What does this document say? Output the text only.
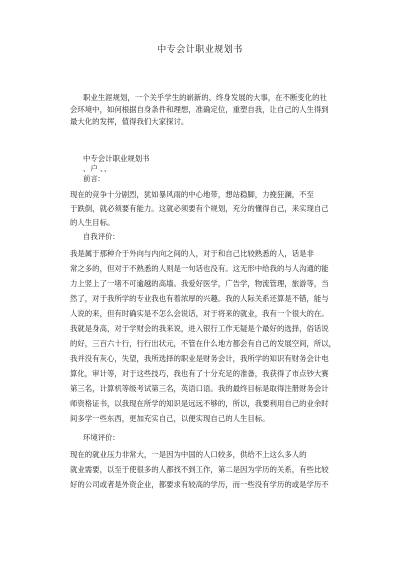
中专会计职业规划书
职业生涯规划，一个关乎学生的崭新的、终身发展的大事，在不断变化的社
会环境中，如何根据自身条件和理想，准确定位，重塑自我，让自己的人生得到
最大化的发挥，值得我们大家探讨。
中专会计职业规划书
、户 、、
前言:
现在的竞争十分剧烈，犹如暴风雨的中心地带，想站稳脚，力挽狂澜，不至
于跌倒，就必须要有能力。这就必须要有个规划，充分的懂得自己，来实现自己
的人生目标。
自我评价:
我是属于那种介于外向与内向之间的人，对于和自己比较熟悉的人，话是非
常之多的，但对于不熟悉的人则是一句话也没有。这无形中给我的与人沟通的能
力上竖上了一堵不可逾越的高墙。我爱好医学，广告学，物流管理，旅游等，当
然了，对于我所学的专业我也有着浓厚的兴趣。我的人际关系还算是不错，能与
人说的来，但有时确实是不怎么会说话，对于将来的就业，我有一个很大的在。
我就是身高，对于学财会的我来说，进入银行工作无疑是个最好的选择，俗话说
的好，三百六十行，行行出状元，不管在什么地方都会有自己的发展空间，所以，
我并没有灰心，失望，我所选择的职业是财务会计，我所学的知识有财务会计电
算化，审计等，对于这些技巧，我也有了十分充足的准备，我获得了市点钞大赛
第三名，计算机等级考试第三名，英语口语。我的最终目标是取得注册财务会计
师资格证书，以我现在所学的知识是远远不够的，所以，我要利用自己的业余时
间多学一些东西，更加充实自己，以便实现自己的人生目标。
环境评价:
现在的就业压力非常大，一是因为中国的人口较多，供给不上这么多人的
就业需要，以至于使很多的人都找不到工作，第二是因为学历的关系，有些比较
好的公司或者是外资企业，都要求有较高的学历，而一些没有学历的或是学历不
